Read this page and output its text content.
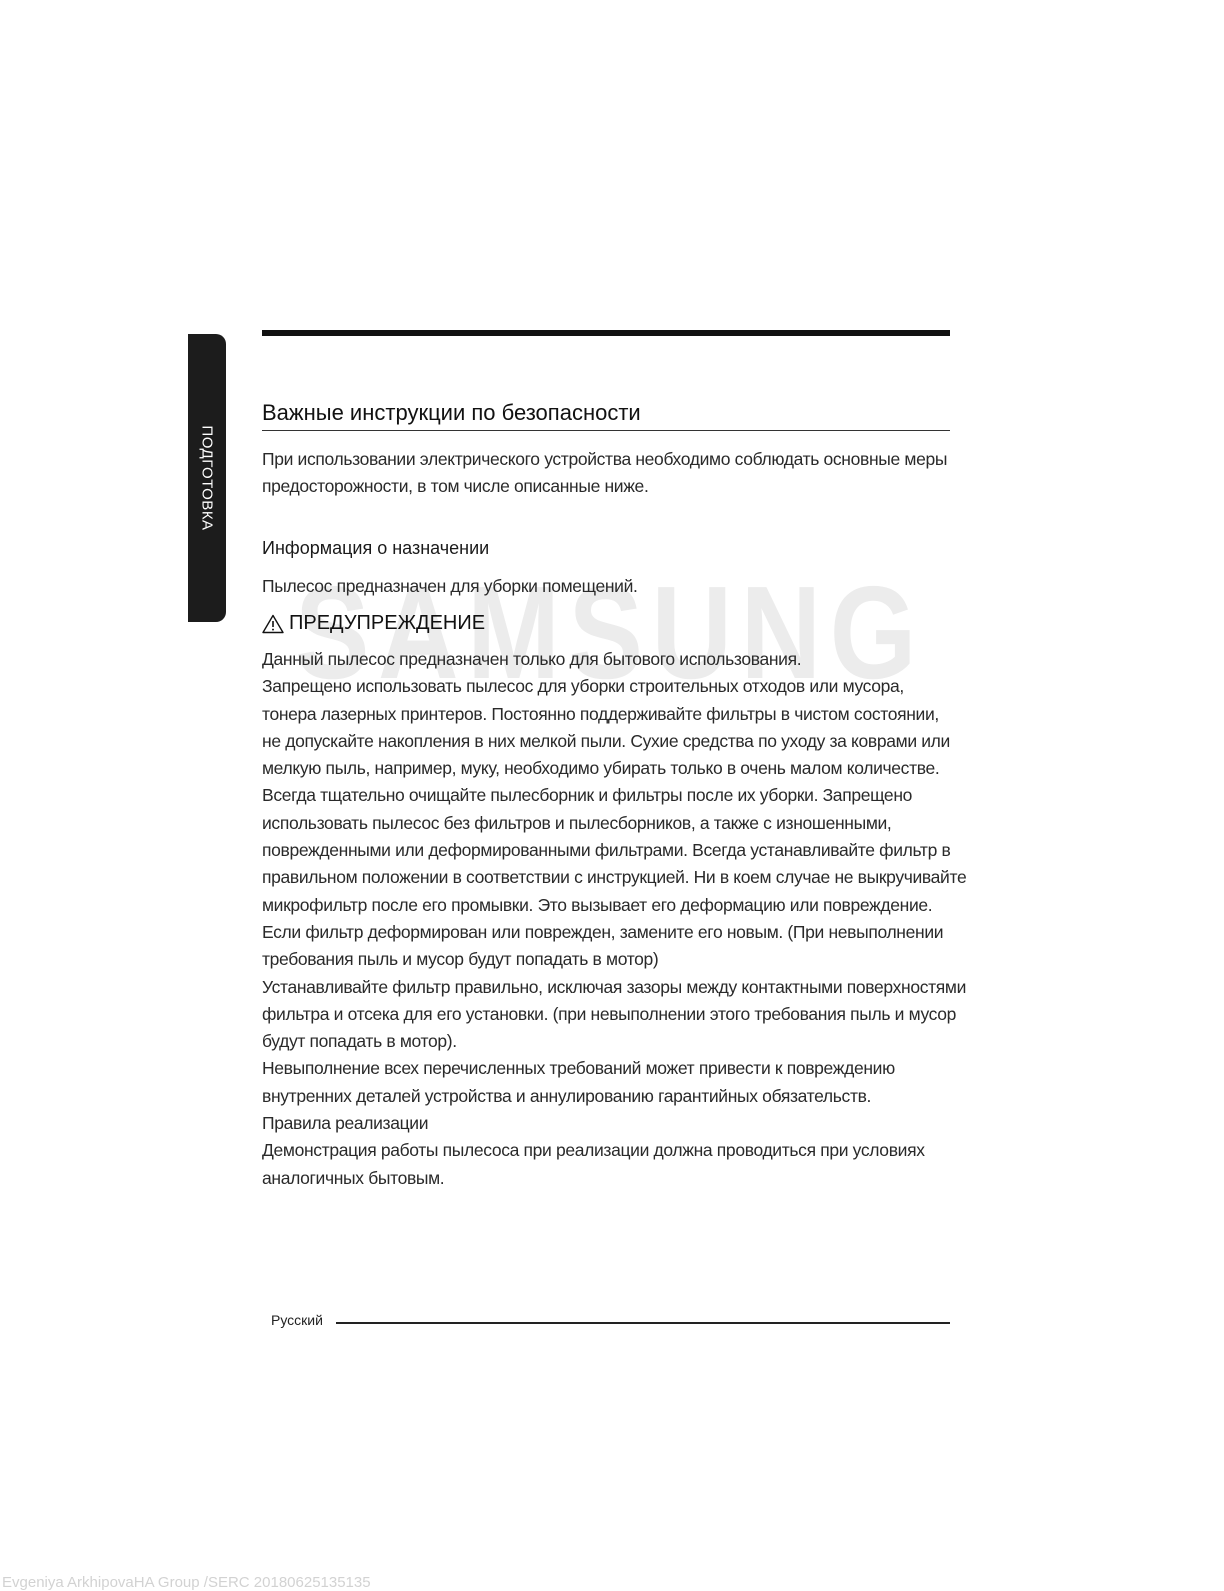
ПОДГОТОВКА
Важные инструкции по безопасности
При использовании электрического устройства необходимо соблюдать основные меры
предосторожности, в том числе описанные ниже.
Информация о назначении
SAMSUNG
Пылесос предназначен для уборки помещений.
ПРЕДУПРЕЖДЕНИЕ
Данный пылесос предназначен только для бытового использования.
Запрещено использовать пылесос для уборки строительных отходов или мусора,
тонера лазерных принтеров. Постоянно поддерживайте фильтры в чистом состоянии,
не допускайте накопления в них мелкой пыли. Сухие средства по уходу за коврами или
мелкую пыль, например, муку, необходимо убирать только в очень малом количестве.
Всегда тщательно очищайте пылесборник и фильтры после их уборки. Запрещено
использовать пылесос без фильтров и пылесборников, а также с изношенными,
поврежденными или деформированными фильтрами. Всегда устанавливайте фильтр в
правильном положении в соответствии с инструкцией. Ни в коем случае не выкручивайте
микрофильтр после его промывки. Это вызывает его деформацию или повреждение.
Если фильтр деформирован или поврежден, замените его новым. (При невыполнении
требования пыль и мусор будут попадать в мотор)
Устанавливайте фильтр правильно, исключая зазоры между контактными поверхностями
фильтра и отсека для его установки. (при невыполнении этого требования пыль и мусор
будут попадать в мотор).
Невыполнение всех перечисленных требований может привести к повреждению
внутренних деталей устройства и аннулированию гарантийных обязательств.
Правила реализации
Демонстрация работы пылесоса при реализации должна проводиться при условиях
аналогичных бытовым.
Русский
Evgeniya ArkhipovaHA Group /SERC 20180625135135
